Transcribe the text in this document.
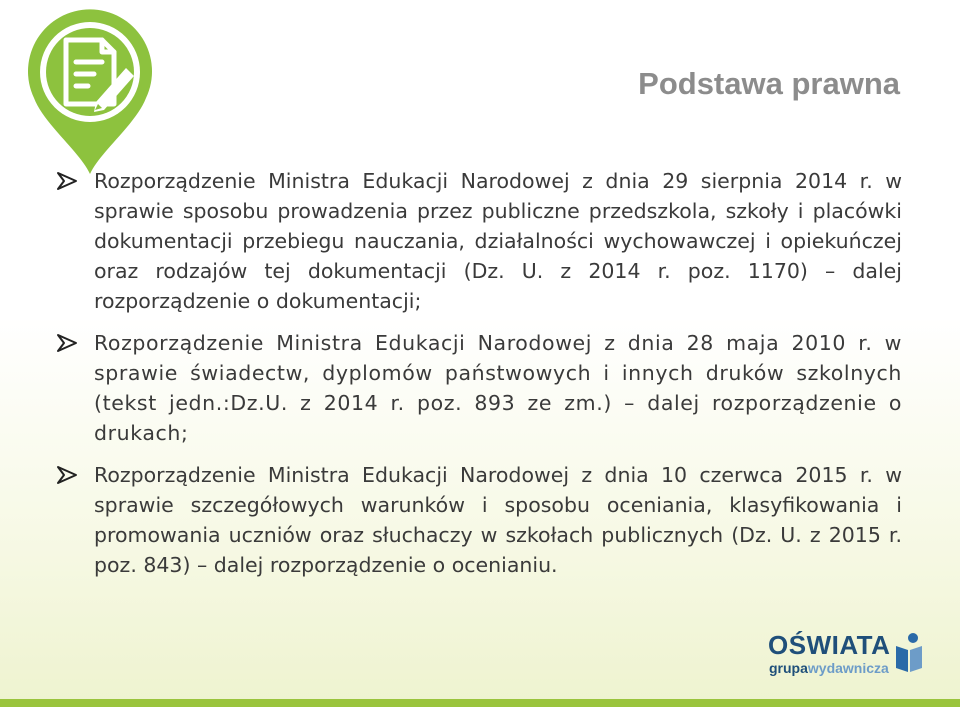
Podstawa prawna
Rozporządzenie Ministra Edukacji Narodowej z dnia 29 sierpnia 2014 r. w sprawie sposobu prowadzenia przez publiczne przedszkola, szkoły i placówki dokumentacji przebiegu nauczania, działalności wychowawczej i opiekuńczej oraz rodzajów tej dokumentacji (Dz. U. z 2014 r. poz. 1170) – dalej rozporządzenie o dokumentacji;
Rozporządzenie Ministra Edukacji Narodowej z dnia 28 maja 2010 r. w sprawie świadectw, dyplomów państwowych i innych druków szkolnych (tekst jedn.:Dz.U. z 2014 r. poz. 893 ze zm.) – dalej rozporządzenie o drukach;
Rozporządzenie Ministra Edukacji Narodowej z dnia 10 czerwca 2015 r. w sprawie szczegółowych warunków i sposobu oceniania, klasyfikowania i promowania uczniów oraz słuchaczy w szkołach publicznych (Dz. U. z 2015 r. poz. 843) – dalej rozporządzenie o ocenianiu.
OŚWIATA
grupawydawnicza
